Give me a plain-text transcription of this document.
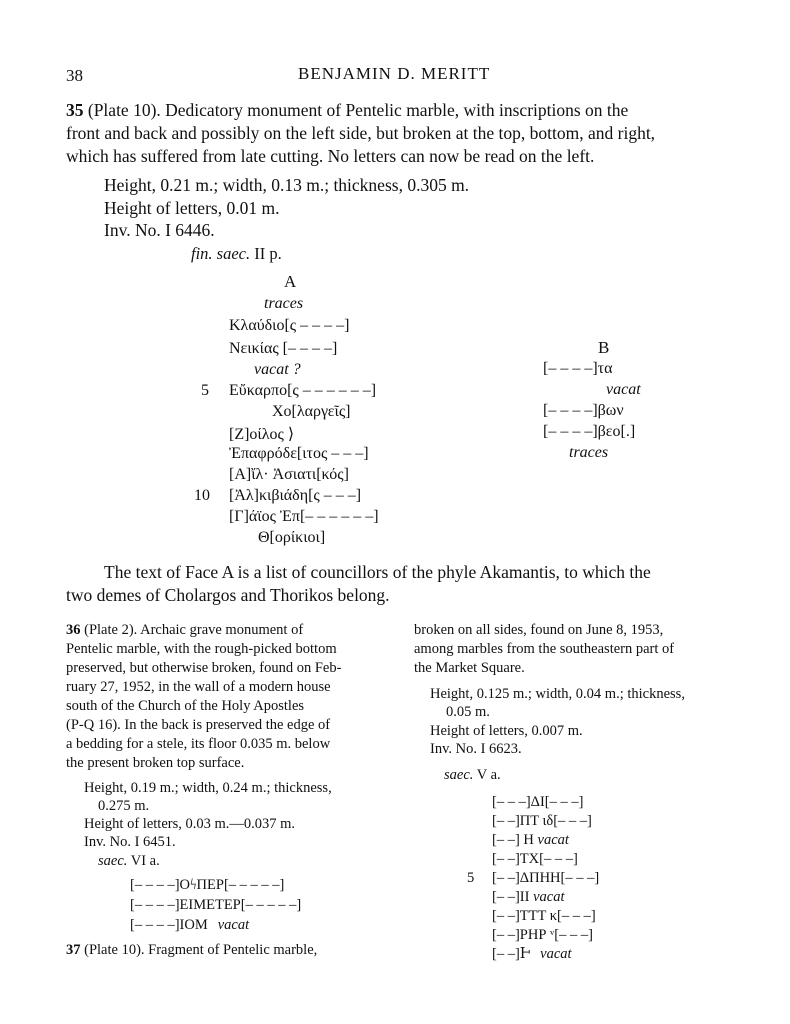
38	BENJAMIN D. MERITT
35 (Plate 10). Dedicatory monument of Pentelic marble, with inscriptions on the
front and back and possibly on the left side, but broken at the top, bottom, and right,
which has suffered from late cutting. No letters can now be read on the left.
Height, 0.21 m.; width, 0.13 m.; thickness, 0.305 m.
Height of letters, 0.01 m.
Inv. No. I 6446.
fin. saec. II p.
A
traces
Κλαύδιο[ς – – – –]
Νεικίας [– – – –]
vacat ?
5 Εὔκαρπο[ς – – – – – –]
Χο[λαργεῖς]
[Ζ]οίλος ⟩
Ἐπαφρόδε[ιτος – – –]
[Α]ἴλ· Ἀσιατι[κός]
10 [Ἀλ]κιβιάδη[ς – – –]
[Γ]άϊος Ἐπ[– – – – – –]
Θ[ορίκιοι]
B
[– – – –]τα
vacat
[– – – –]βων
[– – – –]βεο[.]
traces
The text of Face A is a list of councillors of the phyle Akamantis, to which the
two demes of Cholargos and Thorikos belong.
36 (Plate 2). Archaic grave monument of
Pentelic marble, with the rough-picked bottom
preserved, but otherwise broken, found on Feb-
ruary 27, 1952, in the wall of a modern house
south of the Church of the Holy Apostles
(P-Q 16). In the back is preserved the edge of
a bedding for a stele, its floor 0.035 m. below
the present broken top surface.
Height, 0.19 m.; width, 0.24 m.; thickness,
0.275 m.
Height of letters, 0.03 m.—0.037 m.
Inv. No. I 6451.
saec. VI a.
[– – – –]ΟϟΠΕΡ[– – – – –]
[– – – –]ΕΙΜΕΤΕΡ[– – – – –]
[– – – –]ΙΟΜ vacat
37 (Plate 10). Fragment of Pentelic marble,
broken on all sides, found on June 8, 1953,
among marbles from the southeastern part of
the Market Square.
Height, 0.125 m.; width, 0.04 m.; thickness,
0.05 m.
Height of letters, 0.007 m.
Inv. No. I 6623.
saec. V a.
[– – –]ΔΙ[– – –]
[– –]ΠΤ ιδ[– – –]
[– –] Η vacat
[– –]ΤΧ[– – –]
5 [– –]ΔΠΗΗ[– – –]
[– –]ΙΙ vacat
[– –]ΤΤΤ κ[– – –]
[– –]ΡΗΡ ᵛ[– – –]
[– –]Ͱ vacat
